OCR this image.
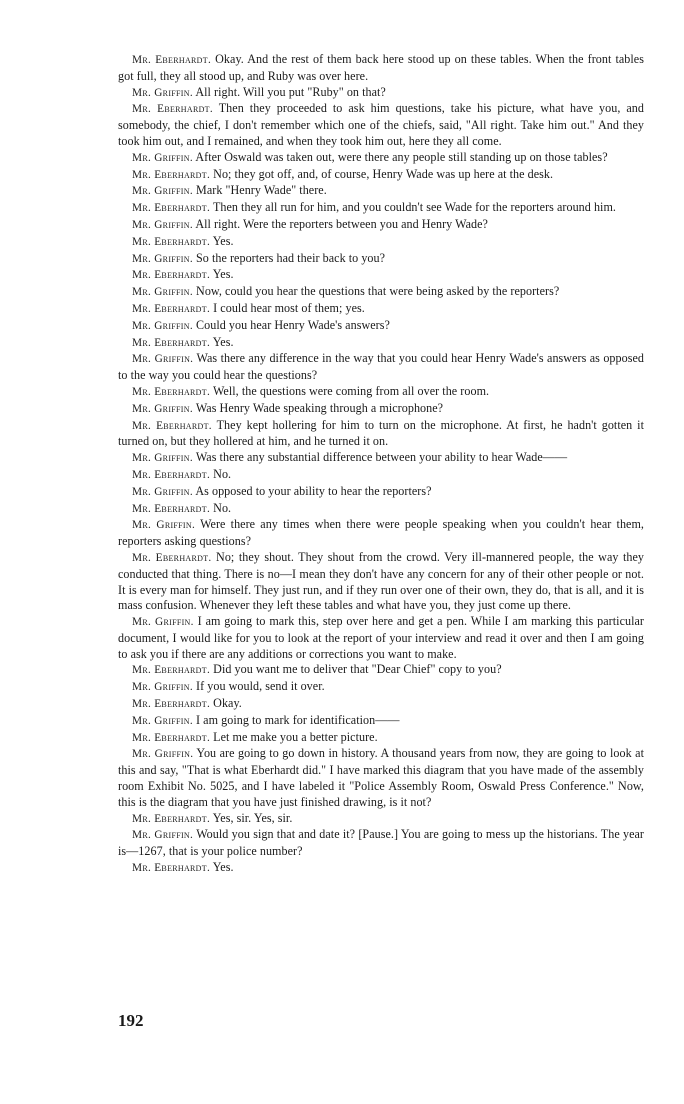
Mr. Eberhardt. Okay. And the rest of them back here stood up on these tables. When the front tables got full, they all stood up, and Ruby was over here.

Mr. Griffin. All right. Will you put "Ruby" on that?

Mr. Eberhardt. Then they proceeded to ask him questions, take his picture, what have you, and somebody, the chief, I don't remember which one of the chiefs, said, "All right. Take him out." And they took him out, and I remained, and when they took him out, here they all come.

Mr. Griffin. After Oswald was taken out, were there any people still standing up on those tables?

Mr. Eberhardt. No; they got off, and, of course, Henry Wade was up here at the desk.

Mr. Griffin. Mark "Henry Wade" there.

Mr. Eberhardt. Then they all run for him, and you couldn't see Wade for the reporters around him.

Mr. Griffin. All right. Were the reporters between you and Henry Wade?

Mr. Eberhardt. Yes.

Mr. Griffin. So the reporters had their back to you?

Mr. Eberhardt. Yes.

Mr. Griffin. Now, could you hear the questions that were being asked by the reporters?

Mr. Eberhardt. I could hear most of them; yes.

Mr. Griffin. Could you hear Henry Wade's answers?

Mr. Eberhardt. Yes.

Mr. Griffin. Was there any difference in the way that you could hear Henry Wade's answers as opposed to the way you could hear the questions?

Mr. Eberhardt. Well, the questions were coming from all over the room.

Mr. Griffin. Was Henry Wade speaking through a microphone?

Mr. Eberhardt. They kept hollering for him to turn on the microphone. At first, he hadn't gotten it turned on, but they hollered at him, and he turned it on.

Mr. Griffin. Was there any substantial difference between your ability to hear Wade——

Mr. Eberhardt. No.

Mr. Griffin. As opposed to your ability to hear the reporters?

Mr. Eberhardt. No.

Mr. Griffin. Were there any times when there were people speaking when you couldn't hear them, reporters asking questions?

Mr. Eberhardt. No; they shout. They shout from the crowd. Very ill-mannered people, the way they conducted that thing. There is no—I mean they don't have any concern for any of their other people or not. It is every man for himself. They just run, and if they run over one of their own, they do, that is all, and it is mass confusion. Whenever they left these tables and what have you, they just come up there.

Mr. Griffin. I am going to mark this, step over here and get a pen. While I am marking this particular document, I would like for you to look at the report of your interview and read it over and then I am going to ask you if there are any additions or corrections you want to make.

Mr. Eberhardt. Did you want me to deliver that "Dear Chief" copy to you?

Mr. Griffin. If you would, send it over.

Mr. Eberhardt. Okay.

Mr. Griffin. I am going to mark for identification——

Mr. Eberhardt. Let me make you a better picture.

Mr. Griffin. You are going to go down in history. A thousand years from now, they are going to look at this and say, "That is what Eberhardt did." I have marked this diagram that you have made of the assembly room Exhibit No. 5025, and I have labeled it "Police Assembly Room, Oswald Press Conference." Now, this is the diagram that you have just finished drawing, is it not?

Mr. Eberhardt. Yes, sir. Yes, sir.

Mr. Griffin. Would you sign that and date it? [Pause.] You are going to mess up the historians. The year is—1267, that is your police number?

Mr. Eberhardt. Yes.

192
